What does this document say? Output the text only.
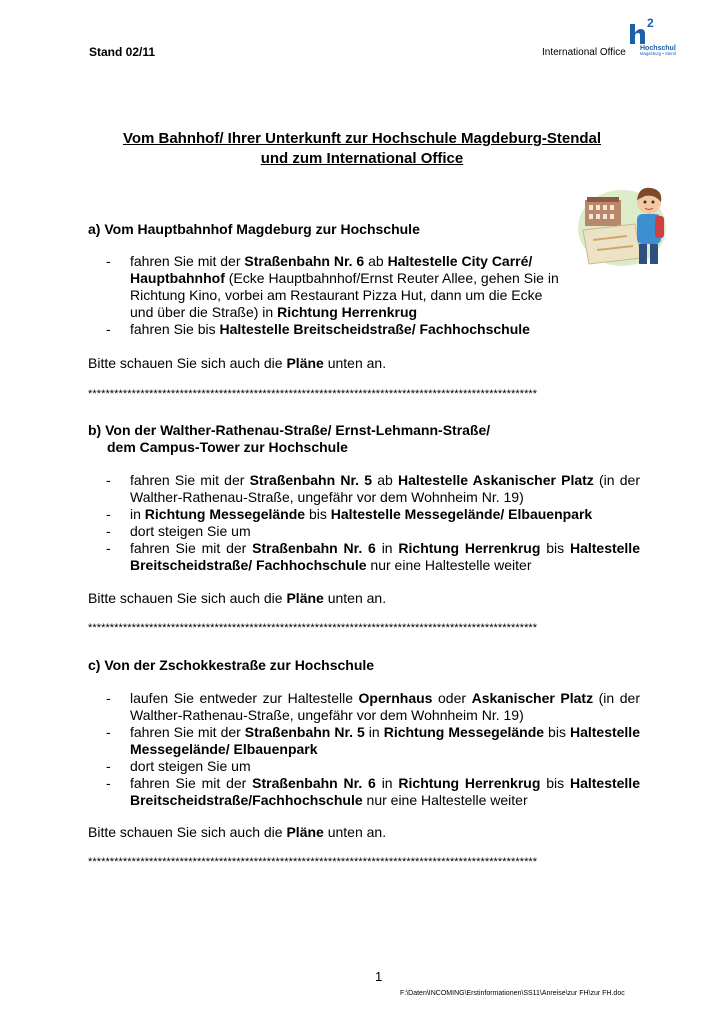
Stand 02/11	International Office
2
Hochschule
Magdeburg • Stendal
Vom Bahnhof/ Ihrer Unterkunft zur Hochschule Magdeburg-Stendal
und zum International Office
a) Vom Hauptbahnhof Magdeburg zur Hochschule
- fahren Sie mit der Straßenbahn Nr. 6 ab Haltestelle City Carré/ Hauptbahnhof (Ecke Hauptbahnhof/Ernst Reuter Allee, gehen Sie in Richtung Kino, vorbei am Restaurant Pizza Hut, dann um die Ecke und über die Straße) in Richtung Herrenkrug
- fahren Sie bis Haltestelle Breitscheidstraße/ Fachhochschule
Bitte schauen Sie sich auch die Pläne unten an.
*******************************************************************************************************
b) Von der Walther-Rathenau-Straße/ Ernst-Lehmann-Straße/
dem Campus-Tower zur Hochschule
- fahren Sie mit der Straßenbahn Nr. 5 ab Haltestelle Askanischer Platz (in der Walther-Rathenau-Straße, ungefähr vor dem Wohnheim Nr. 19)
- in Richtung Messegelände bis Haltestelle Messegelände/ Elbauenpark
- dort steigen Sie um
- fahren Sie mit der Straßenbahn Nr. 6 in Richtung Herrenkrug bis Haltestelle Breitscheidstraße/ Fachhochschule nur eine Haltestelle weiter
Bitte schauen Sie sich auch die Pläne unten an.
*******************************************************************************************************
c) Von der Zschokkestraße zur Hochschule
- laufen Sie entweder zur Haltestelle Opernhaus oder Askanischer Platz (in der Walther-Rathenau-Straße, ungefähr vor dem Wohnheim Nr. 19)
- fahren Sie mit der Straßenbahn Nr. 5 in Richtung Messegelände bis Haltestelle Messegelände/ Elbauenpark
- dort steigen Sie um
- fahren Sie mit der Straßenbahn Nr. 6 in Richtung Herrenkrug bis Haltestelle Breitscheidstraße/Fachhochschule nur eine Haltestelle weiter
Bitte schauen Sie sich auch die Pläne unten an.
*******************************************************************************************************
1
F:\Daten\INCOMING\Erstinformationen\SS11\Anreise\zur FH\zur FH.doc
